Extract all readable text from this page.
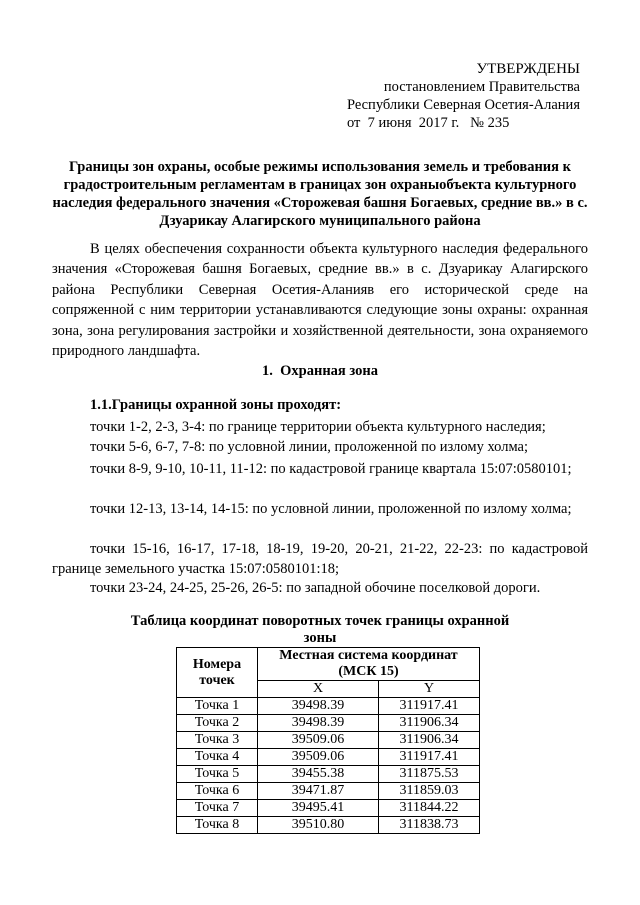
УТВЕРЖДЕНЫ
постановлением Правительства
Республики Северная Осетия-Алания
от  7 июня  2017 г.   № 235
Границы зон охраны, особые режимы использования земель и требования к градостроительным регламентам в границах зон охраныобъекта культурного наследия федерального значения «Сторожевая башня Богаевых, средние вв.» в с. Дзуарикау Алагирского муниципального района
В целях обеспечения сохранности объекта культурного наследия федерального значения «Сторожевая башня Богаевых, средние вв.» в с. Дзуарикау Алагирского района Республики Северная Осетия-Аланияв его исторической среде на сопряженной с ним территории устанавливаются следующие зоны охраны: охранная зона, зона регулирования застройки и хозяйственной деятельности, зона охраняемого природного ландшафта.
1.  Охранная зона
1.1.Границы охранной зоны проходят:
точки 1-2, 2-3, 3-4: по границе территории объекта культурного наследия;
точки 5-6, 6-7, 7-8: по условной линии, проложенной по излому холма;
точки 8-9, 9-10, 10-11, 11-12: по кадастровой границе квартала 15:07:0580101;
точки 12-13, 13-14, 14-15: по условной линии, проложенной по излому холма;
точки 15-16, 16-17, 17-18, 18-19, 19-20, 20-21, 21-22, 22-23: по кадастровой границе земельного участка 15:07:0580101:18;
точки 23-24, 24-25, 25-26, 26-5: по западной обочине поселковой дороги.
Таблица координат поворотных точек границы охранной зоны
Номера точек	Местная система координат (МСК 15)	
	X	Y
Точка 1	39498.39	311917.41
Точка 2	39498.39	311906.34
Точка 3	39509.06	311906.34
Точка 4	39509.06	311917.41
Точка 5	39455.38	311875.53
Точка 6	39471.87	311859.03
Точка 7	39495.41	311844.22
Точка 8	39510.80	311838.73
